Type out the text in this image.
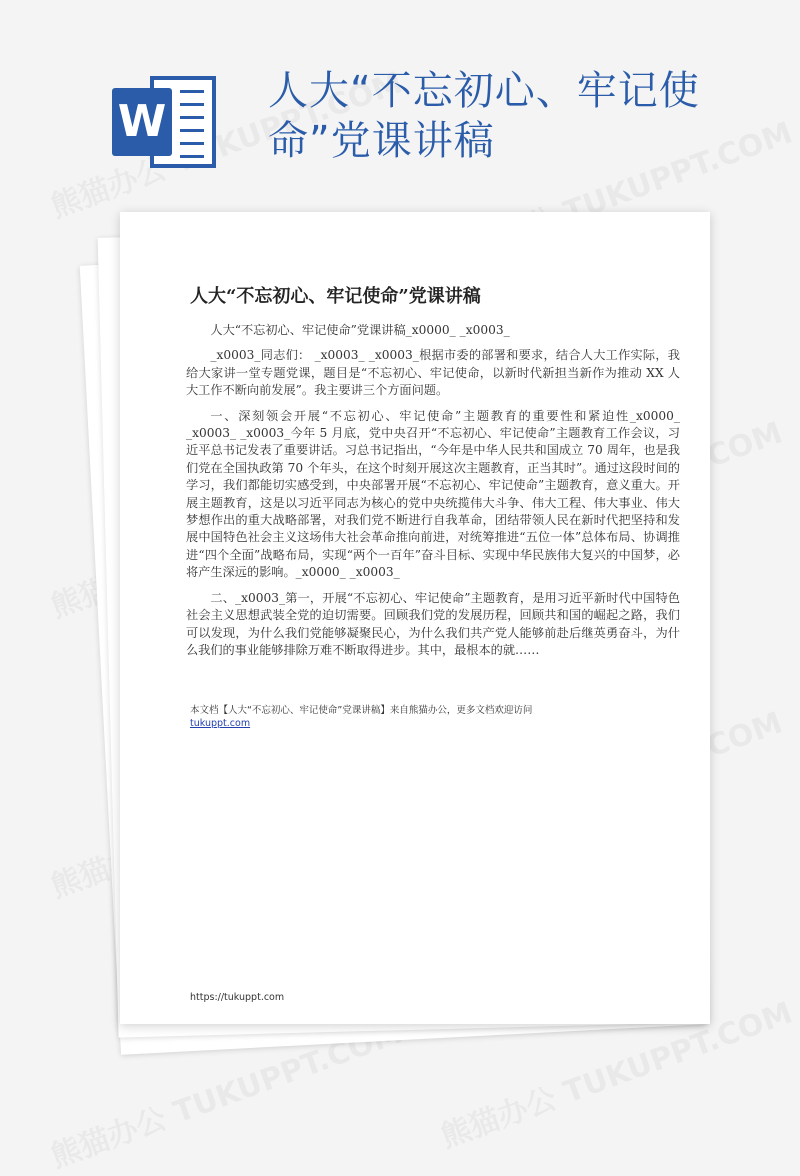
W
人大“不忘初心、牢记使命”党课讲稿
人大“不忘初心、牢记使命”党课讲稿

人大“不忘初心、牢记使命”党课讲稿_x0000_ _x0003_

_x0003_同志们： _x0003_ _x0003_根据市委的部署和要求，结合人大工作实际，我给大家讲一堂专题党课，题目是“不忘初心、牢记使命，以新时代新担当新作为推动 XX 人大工作不断向前发展”。我主要讲三个方面问题。

一、深刻领会开展“不忘初心、牢记使命”主题教育的重要性和紧迫性_x0000_ _x0003_ _x0003_今年 5 月底，党中央召开“不忘初心、牢记使命”主题教育工作会议，习近平总书记发表了重要讲话。习总书记指出，“今年是中华人民共和国成立 70 周年，也是我们党在全国执政第 70 个年头，在这个时刻开展这次主题教育，正当其时”。通过这段时间的学习，我们都能切实感受到，中央部署开展“不忘初心、牢记使命”主题教育，意义重大。开展主题教育，这是以习近平同志为核心的党中央统揽伟大斗争、伟大工程、伟大事业、伟大梦想作出的重大战略部署，对我们党不断进行自我革命，团结带领人民在新时代把坚持和发展中国特色社会主义这场伟大社会革命推向前进，对统筹推进“五位一体”总体布局、协调推进“四个全面”战略布局，实现“两个一百年”奋斗目标、实现中华民族伟大复兴的中国梦，必将产生深远的影响。_x0000_ _x0003_

二、_x0003_第一，开展“不忘初心、牢记使命”主题教育，是用习近平新时代中国特色社会主义思想武装全党的迫切需要。回顾我们党的发展历程，回顾共和国的崛起之路，我们可以发现，为什么我们党能够凝聚民心，为什么我们共产党人能够前赴后继英勇奋斗，为什么我们的事业能够排除万难不断取得进步。其中，最根本的就……

本文档【人大“不忘初心、牢记使命”党课讲稿】来自熊猫办公，更多文档欢迎访问
tukuppt.com
https://tukuppt.com
